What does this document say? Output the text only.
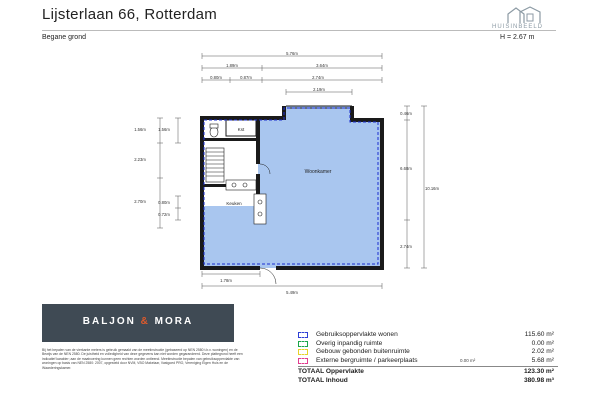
Lijsterlaan 66, Rotterdam
Begane grond	H = 2.67 m
HUISINBEELD
Woonkamer
Keuken
Kst
5.76m
1.89m	3.64m
0.80m	0.87m	2.74m
2.19m
0.46m
6.68m
10.16m
2.74m
1.56m	1.56m
2.23m
2.70m	0.80m
0.72m
1.78m
5.49m
BALJON & MORA
Bij het bepalen van de vierkante meters is gebruik gemaakt van de meetinstructie (gebaseerd op NEN 2580 t.b.v. woningen) en de Bewijs van de NEN 2580. De juistheid en volledigheid van deze gegevens kan niet worden gegarandeerd. Deze plattegrond heeft een indicatief karakter; aan de maatvoering kunnen geen rechten worden ontleend. Meetinstructie bepalen van gebruiksoppervlakte van woningen op basis van NEN 2580: 2007, opgesteld door NVM, VBO Makelaar, Vastgoed PRO, Vereniging Eigen Huis en de Waarderingskamer.
Gebruiksoppervlakte wonen	115.60 m²
Overig inpandig ruimte	0.00 m²
Gebouw gebonden buitenruimte	2.02 m²
Externe bergruimte / parkeerplaats	0.00 m²	5.68 m²
TOTAAL Oppervlakte	123.30 m²
TOTAAL Inhoud	380.98 m³
